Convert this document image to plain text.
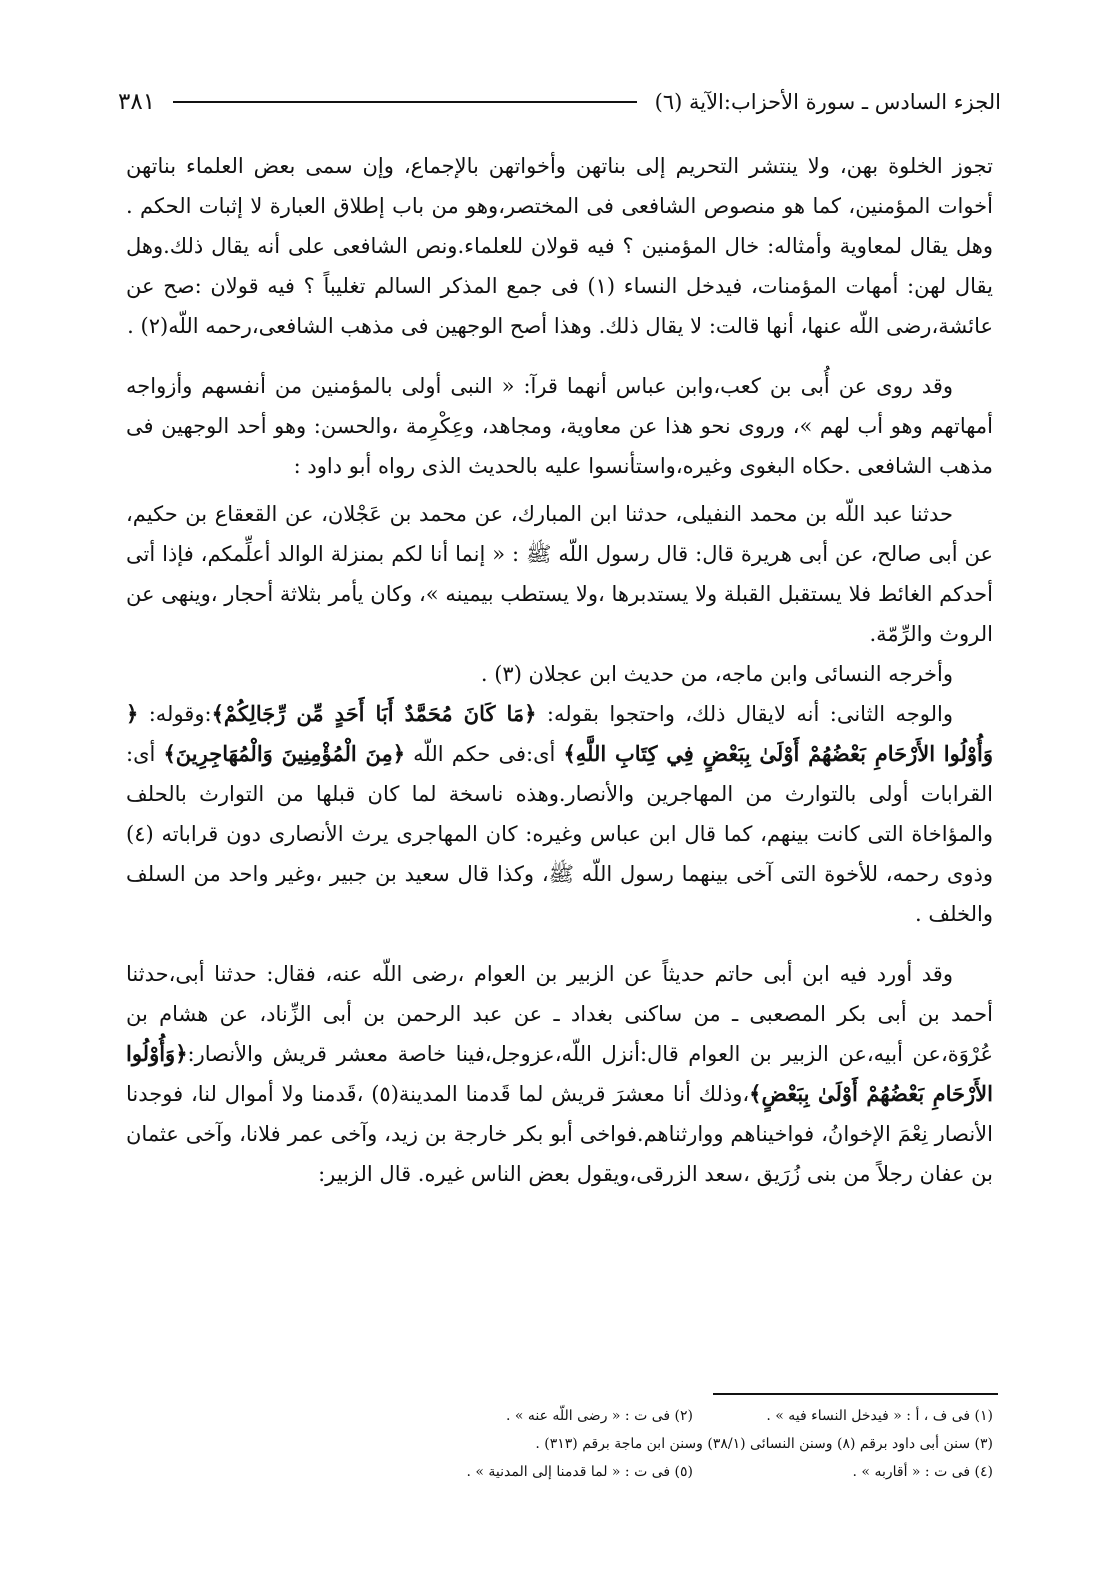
الجزء السادس ـ سورة الأحزاب:الآية (٦)
٣٨١

تجوز الخلوة بهن، ولا ينتشر التحريم إلى بناتهن وأخواتهن بالإجماع، وإن سمى بعض العلماء بناتهن أخوات المؤمنين، كما هو منصوص الشافعى فى المختصر،وهو من باب إطلاق العبارة لا إثبات الحكم . وهل يقال لمعاوية وأمثاله: خال المؤمنين ؟ فيه قولان للعلماء.ونص الشافعى على أنه يقال ذلك.وهل يقال لهن: أمهات المؤمنات، فيدخل النساء (١) فى جمع المذكر السالم تغليباً ؟ فيه قولان :صح عن عائشة،رضى اللّه عنها، أنها قالت: لا يقال ذلك. وهذا أصح الوجهين فى مذهب الشافعى،رحمه اللّه(٢) .

وقد روى عن أُبى بن كعب،وابن عباس أنهما قرآ: « النبى أولى بالمؤمنين من أنفسهم وأزواجه أمهاتهم وهو أب لهم »، وروى نحو هذا عن معاوية، ومجاهد، وعِكْرِمة ،والحسن: وهو أحد الوجهين فى مذهب الشافعى .حكاه البغوى وغيره،واستأنسوا عليه بالحديث الذى رواه أبو داود :

حدثنا عبد اللّه بن محمد النفيلى، حدثنا ابن المبارك، عن محمد بن عَجْلان، عن القعقاع بن حكيم، عن أبى صالح، عن أبى هريرة قال: قال رسول اللّه ﷺ : « إنما أنا لكم بمنزلة الوالد أعلِّمكم، فإذا أتى أحدكم الغائط فلا يستقبل القبلة ولا يستدبرها ،ولا يستطب بيمينه »، وكان يأمر بثلاثة أحجار ،وينهى عن الروث والرِّمّة.

وأخرجه النسائى وابن ماجه، من حديث ابن عجلان (٣) .

والوجه الثانى: أنه لايقال ذلك، واحتجوا بقوله: ﴿مَا كَانَ مُحَمَّدٌ أَبَا أَحَدٍ مِّن رِّجَالِكُمْ﴾:وقوله: ﴿ وَأُوْلُوا الأَرْحَامِ بَعْضُهُمْ أَوْلَىٰ بِبَعْضٍ فِي كِتَابِ اللَّهِ﴾ أى:فى حكم اللّه ﴿مِنَ الْمُؤْمِنِينَ وَالْمُهَاجِرِينَ﴾ أى: القرابات أولى بالتوارث من المهاجرين والأنصار.وهذه ناسخة لما كان قبلها من التوارث بالحلف والمؤاخاة التى كانت بينهم، كما قال ابن عباس وغيره: كان المهاجرى يرث الأنصارى دون قراباته (٤) وذوى رحمه، للأخوة التى آخى بينهما رسول اللّه ﷺ، وكذا قال سعيد بن جبير ،وغير واحد من السلف والخلف .

وقد أورد فيه ابن أبى حاتم حديثاً عن الزبير بن العوام ،رضى اللّه عنه، فقال: حدثنا أبى،حدثنا أحمد بن أبى بكر المصعبى ـ من ساكنى بغداد ـ عن عبد الرحمن بن أبى الزِّناد، عن هشام بن عُرْوَة،عن أبيه،عن الزبير بن العوام قال:أنزل اللّه،عزوجل،فينا خاصة معشر قريش والأنصار:﴿وَأُوْلُوا الأَرْحَامِ بَعْضُهُمْ أَوْلَىٰ بِبَعْضٍ﴾،وذلك أنا معشرَ قريش لما قَدمنا المدينة(٥) ،قَدمنا ولا أموال لنا، فوجدنا الأنصار نِعْمَ الإخوانُ، فواخيناهم ووارثناهم.فواخى أبو بكر خارجة بن زيد، وآخى عمر فلانا، وآخى عثمان بن عفان رجلاً من بنى زُرَيق ،سعد الزرقى،ويقول بعض الناس غيره. قال الزبير:

(١) فى ف ، أ : « فيدخل النساء فيه » .
(٢) فى ت : « رضى اللّه عنه » .
(٣) سنن أبى داود برقم (٨) وسنن النسائى (٣٨/١) وسنن ابن ماجة برقم (٣١٣) .
(٤) فى ت : « أقاربه » .
(٥) فى ت : « لما قدمنا إلى المدنية » .
